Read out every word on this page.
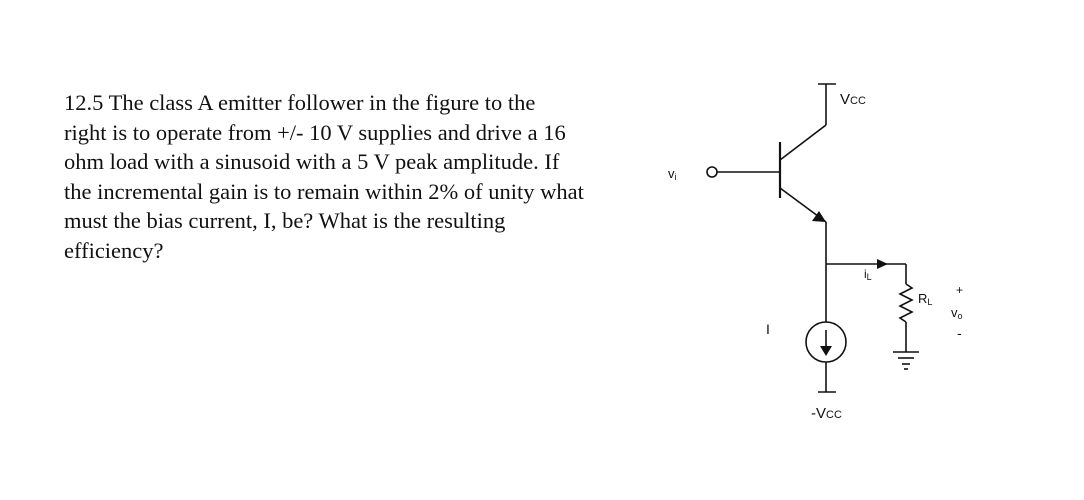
12.5 The class A emitter follower in the figure to the
right is to operate from +/- 10 V supplies and drive a 16
ohm load with a sinusoid with a 5 V peak amplitude. If
the incremental gain is to remain within 2% of unity what
must the bias current, I, be? What is the resulting
efficiency?
VCC
vi
iL
RL
+
vo
-
I
-VCC
